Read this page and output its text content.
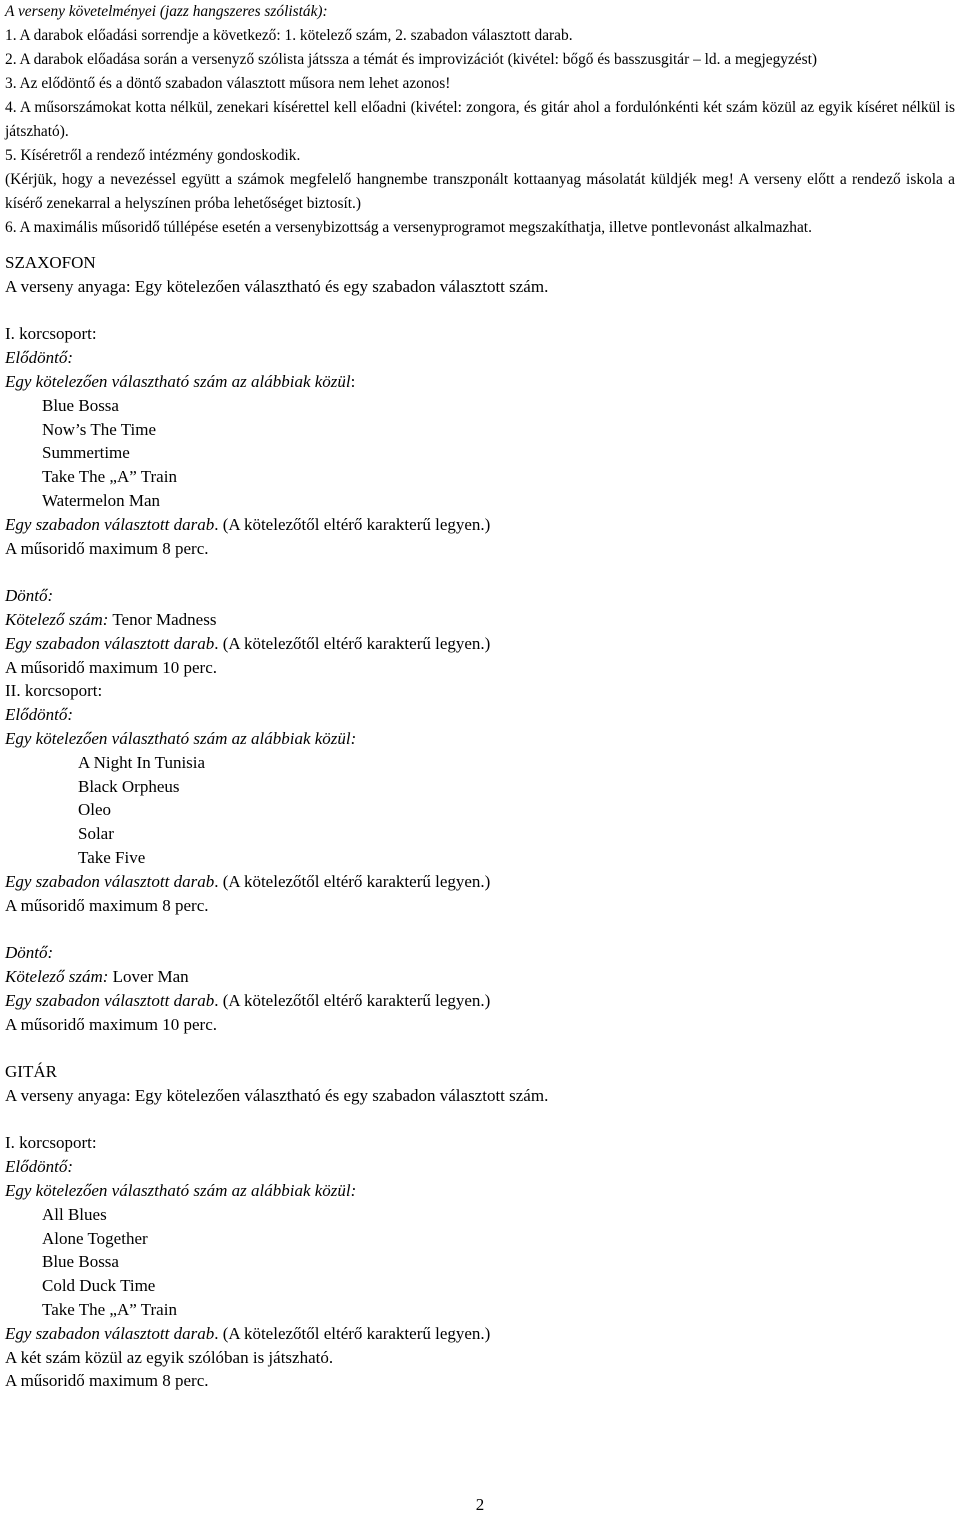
A verseny követelményei (jazz hangszeres szólisták):

1. A darabok előadási sorrendje a következő: 1. kötelező szám, 2. szabadon választott darab.

2. A darabok előadása során a versenyző szólista játssza a témát és improvizációt (kivétel: bőgő és basszusgitár – ld. a megjegyzést)

3. Az elődöntő és a döntő szabadon választott műsora nem lehet azonos!

4. A műsorszámokat kotta nélkül, zenekari kísérettel kell előadni (kivétel: zongora, és gitár ahol a fordulónkénti két szám közül az egyik kíséret nélkül is játszható).

5. Kíséretről a rendező intézmény gondoskodik.

(Kérjük, hogy a nevezéssel együtt a számok megfelelő hangnembe transzponált kottaanyag másolatát küldjék meg! A verseny előtt a rendező iskola a kísérő zenekarral a helyszínen próba lehetőséget biztosít.)

6. A maximális műsoridő túllépése esetén a versenybizottság a versenyprogramot megszakíthatja, illetve pontlevonást alkalmazhat.

SZAXOFON

A verseny anyaga: Egy kötelezően választható és egy szabadon választott szám.

I. korcsoport:

Elődöntő:

Egy kötelezően választható szám az alábbiak közül:

Blue Bossa

Now’s The Time

Summertime

Take The „A” Train

Watermelon Man

Egy szabadon választott darab. (A kötelezőtől eltérő karakterű legyen.)

A műsoridő maximum 8 perc.

Döntő:

Kötelező szám: Tenor Madness

Egy szabadon választott darab. (A kötelezőtől eltérő karakterű legyen.)

A műsoridő maximum 10 perc.

II. korcsoport:

Elődöntő:

Egy kötelezően választható szám az alábbiak közül:

A Night In Tunisia

Black Orpheus

Oleo

Solar

Take Five

Egy szabadon választott darab. (A kötelezőtől eltérő karakterű legyen.)

A műsoridő maximum 8 perc.

Döntő:

Kötelező szám: Lover Man

Egy szabadon választott darab. (A kötelezőtől eltérő karakterű legyen.)

A műsoridő maximum 10 perc.

GITÁR

A verseny anyaga: Egy kötelezően választható és egy szabadon választott szám.

I. korcsoport:

Elődöntő:

Egy kötelezően választható szám az alábbiak közül:

All Blues

Alone Together

Blue Bossa

Cold Duck Time

Take The „A” Train

Egy szabadon választott darab. (A kötelezőtől eltérő karakterű legyen.)

A két szám közül az egyik szólóban is játszható.

A műsoridő maximum 8 perc.

2
